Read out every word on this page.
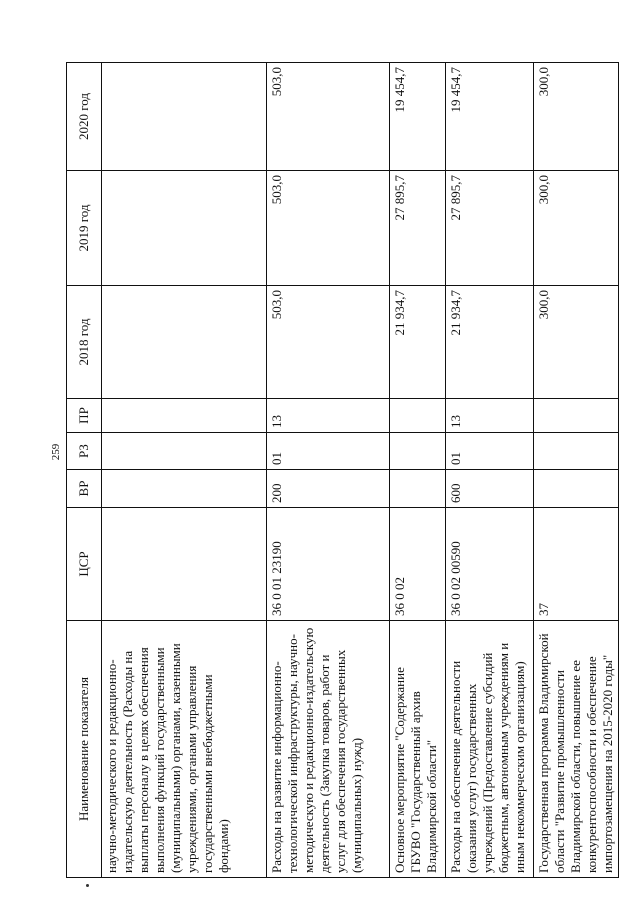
259
Наименование показателя	ЦСР	ВР	РЗ	ПР	2018 год	2019 год	2020 год
научно-методического и редакционно-издательскую деятельность (Расходы на выплаты персоналу в целях обеспечения выполнения функций государственными (муниципальными) органами, казенными учреждениями, органами управления государственными внебюджетными фондами)							
Расходы на развитие информационно-технологической инфраструктуры, научно-методическую и редакционно-издательскую деятельность (Закупка товаров, работ и услуг для обеспечения государственных (муниципальных) нужд)	36 0 01 23190	200	01	13	503,0	503,0	503,0
Основное мероприятие "Содержание ГБУВО "Государственный архив Владимирской области"	36 0 02				21 934,7	27 895,7	19 454,7
Расходы на обеспечение деятельности (оказания услуг) государственных учреждений (Предоставление субсидий бюджетным, автономным учреждениям и иным некоммерческим организациям)	36 0 02 00590	600	01	13	21 934,7	27 895,7	19 454,7
Государственная программа Владимирской области "Развитие промышленности Владимирской области, повышение ее конкурентоспособности и обеспечение импортозамещения на 2015-2020 годы"	37				300,0	300,0	300,0
